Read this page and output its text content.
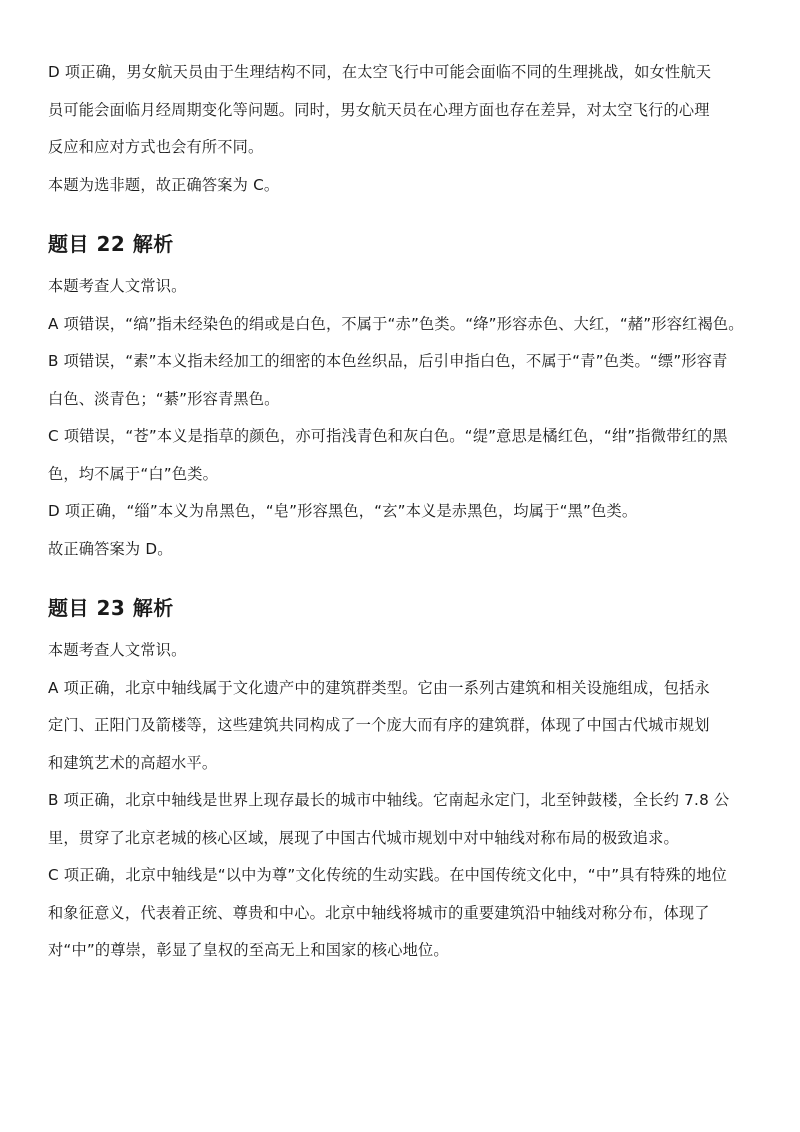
D 项正确，男女航天员由于生理结构不同，在太空飞行中可能会面临不同的生理挑战，如女性航天
员可能会面临月经周期变化等问题。同时，男女航天员在心理方面也存在差异，对太空飞行的心理
反应和应对方式也会有所不同。
本题为选非题，故正确答案为 C。
题目 22 解析
本题考查人文常识。
A 项错误，“缟”指未经染色的绢或是白色，不属于“赤”色类。“绛”形容赤色、大红，“赭”形容红褐色。
B 项错误，“素”本义指未经加工的细密的本色丝织品，后引申指白色，不属于“青”色类。“缥”形容青
白色、淡青色；“綦”形容青黑色。
C 项错误，“苍”本义是指草的颜色，亦可指浅青色和灰白色。“缇”意思是橘红色，“绀”指微带红的黑
色，均不属于“白”色类。
D 项正确，“缁”本义为帛黑色，“皂”形容黑色，“玄”本义是赤黑色，均属于“黑”色类。
故正确答案为 D。
题目 23 解析
本题考查人文常识。
A 项正确，北京中轴线属于文化遗产中的建筑群类型。它由一系列古建筑和相关设施组成，包括永
定门、正阳门及箭楼等，这些建筑共同构成了一个庞大而有序的建筑群，体现了中国古代城市规划
和建筑艺术的高超水平。
B 项正确，北京中轴线是世界上现存最长的城市中轴线。它南起永定门，北至钟鼓楼，全长约 7.8 公
里，贯穿了北京老城的核心区域，展现了中国古代城市规划中对中轴线对称布局的极致追求。
C 项正确，北京中轴线是“以中为尊”文化传统的生动实践。在中国传统文化中，“中”具有特殊的地位
和象征意义，代表着正统、尊贵和中心。北京中轴线将城市的重要建筑沿中轴线对称分布，体现了
对“中”的尊崇，彰显了皇权的至高无上和国家的核心地位。
